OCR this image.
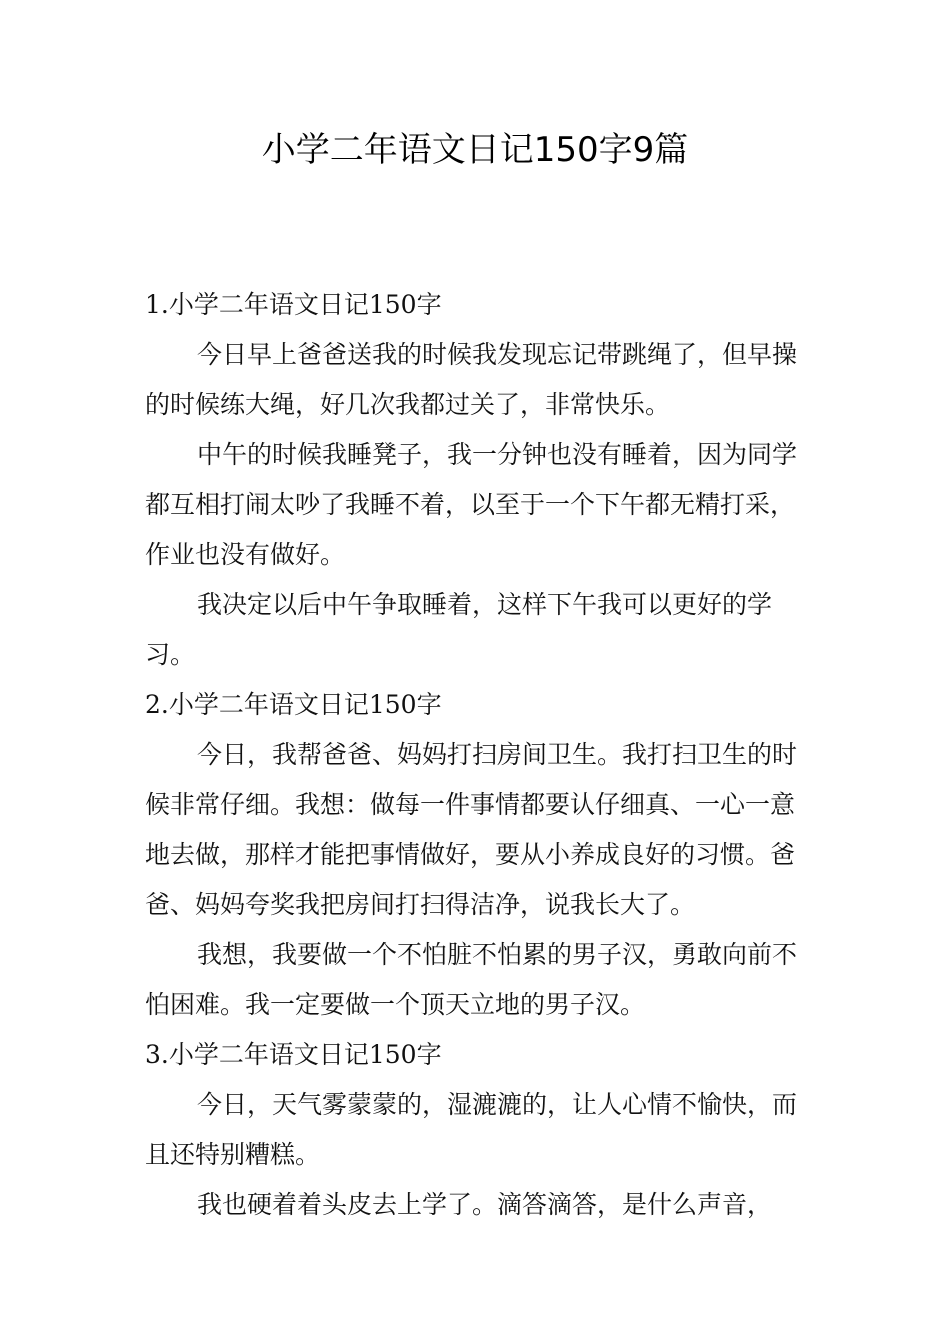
小学二年语文日记150字9篇

1.小学二年语文日记150字

今日早上爸爸送我的时候我发现忘记带跳绳了，但早操的时候练大绳，好几次我都过关了，非常快乐。

中午的时候我睡凳子，我一分钟也没有睡着，因为同学都互相打闹太吵了我睡不着，以至于一个下午都无精打采，作业也没有做好。

我决定以后中午争取睡着，这样下午我可以更好的学习。

2.小学二年语文日记150字

今日，我帮爸爸、妈妈打扫房间卫生。我打扫卫生的时候非常仔细。我想：做每一件事情都要认仔细真、一心一意地去做，那样才能把事情做好，要从小养成良好的习惯。爸爸、妈妈夸奖我把房间打扫得洁净，说我长大了。

我想，我要做一个不怕脏不怕累的男子汉，勇敢向前不怕困难。我一定要做一个顶天立地的男子汉。

3.小学二年语文日记150字

今日，天气雾蒙蒙的，湿漉漉的，让人心情不愉快，而且还特别糟糕。

我也硬着着头皮去上学了。滴答滴答，是什么声音，
